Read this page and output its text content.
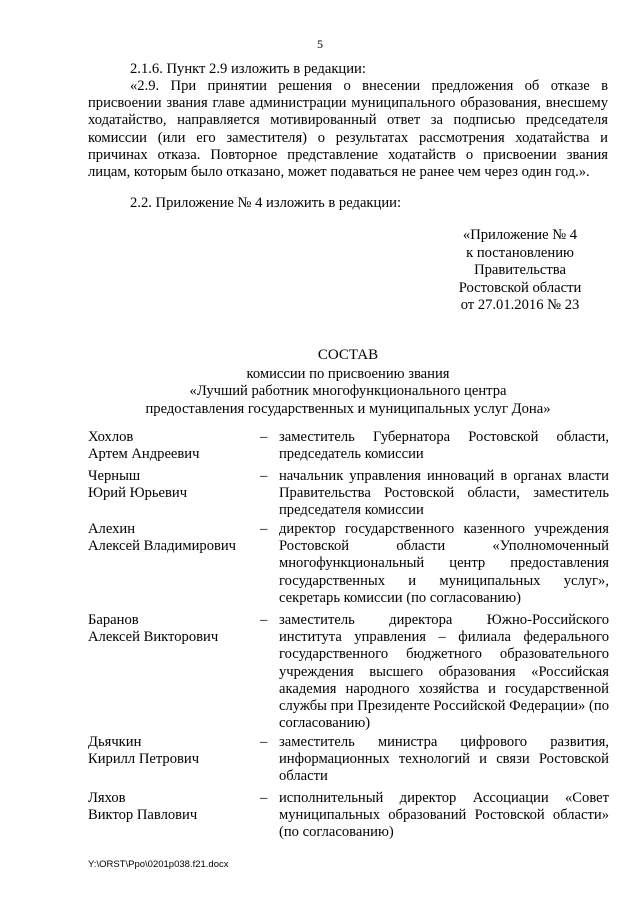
5
2.1.6. Пункт 2.9 изложить в редакции:
«2.9. При принятии решения о внесении предложения об отказе в присвоении звания главе администрации муниципального образования, внесшему ходатайство, направляется мотивированный ответ за подписью председателя комиссии (или его заместителя) о результатах рассмотрения ходатайства и причинах отказа. Повторное представление ходатайств о присвоении звания лицам, которым было отказано, может подаваться не ранее чем через один год.».
2.2. Приложение № 4 изложить в редакции:
«Приложение № 4
к постановлению
Правительства
Ростовской области
от 27.01.2016 № 23
СОСТАВ
комиссии по присвоению звания
«Лучший работник многофункционального центра
предоставления государственных и муниципальных услуг Дона»
Хохлов
Артем Андреевич
– заместитель Губернатора Ростовской области, председатель комиссии
Черныш
Юрий Юрьевич
– начальник управления инноваций в органах власти Правительства Ростовской области, заместитель председателя комиссии
Алехин
Алексей Владимирович
– директор государственного казенного учреждения Ростовской области «Уполномоченный многофункциональный центр предоставления государственных и муниципальных услуг», секретарь комиссии (по согласованию)
Баранов
Алексей Викторович
– заместитель директора Южно-Российского института управления – филиала федерального государственного бюджетного образовательного учреждения высшего образования «Российская академия народного хозяйства и государственной службы при Президенте Российской Федерации» (по согласованию)
Дьячкин
Кирилл Петрович
– заместитель министра цифрового развития, информационных технологий и связи Ростовской области
Ляхов
Виктор Павлович
– исполнительный директор Ассоциации «Совет муниципальных образований Ростовской области» (по согласованию)
Y:\ORST\Ppo\0201p038.f21.docx
